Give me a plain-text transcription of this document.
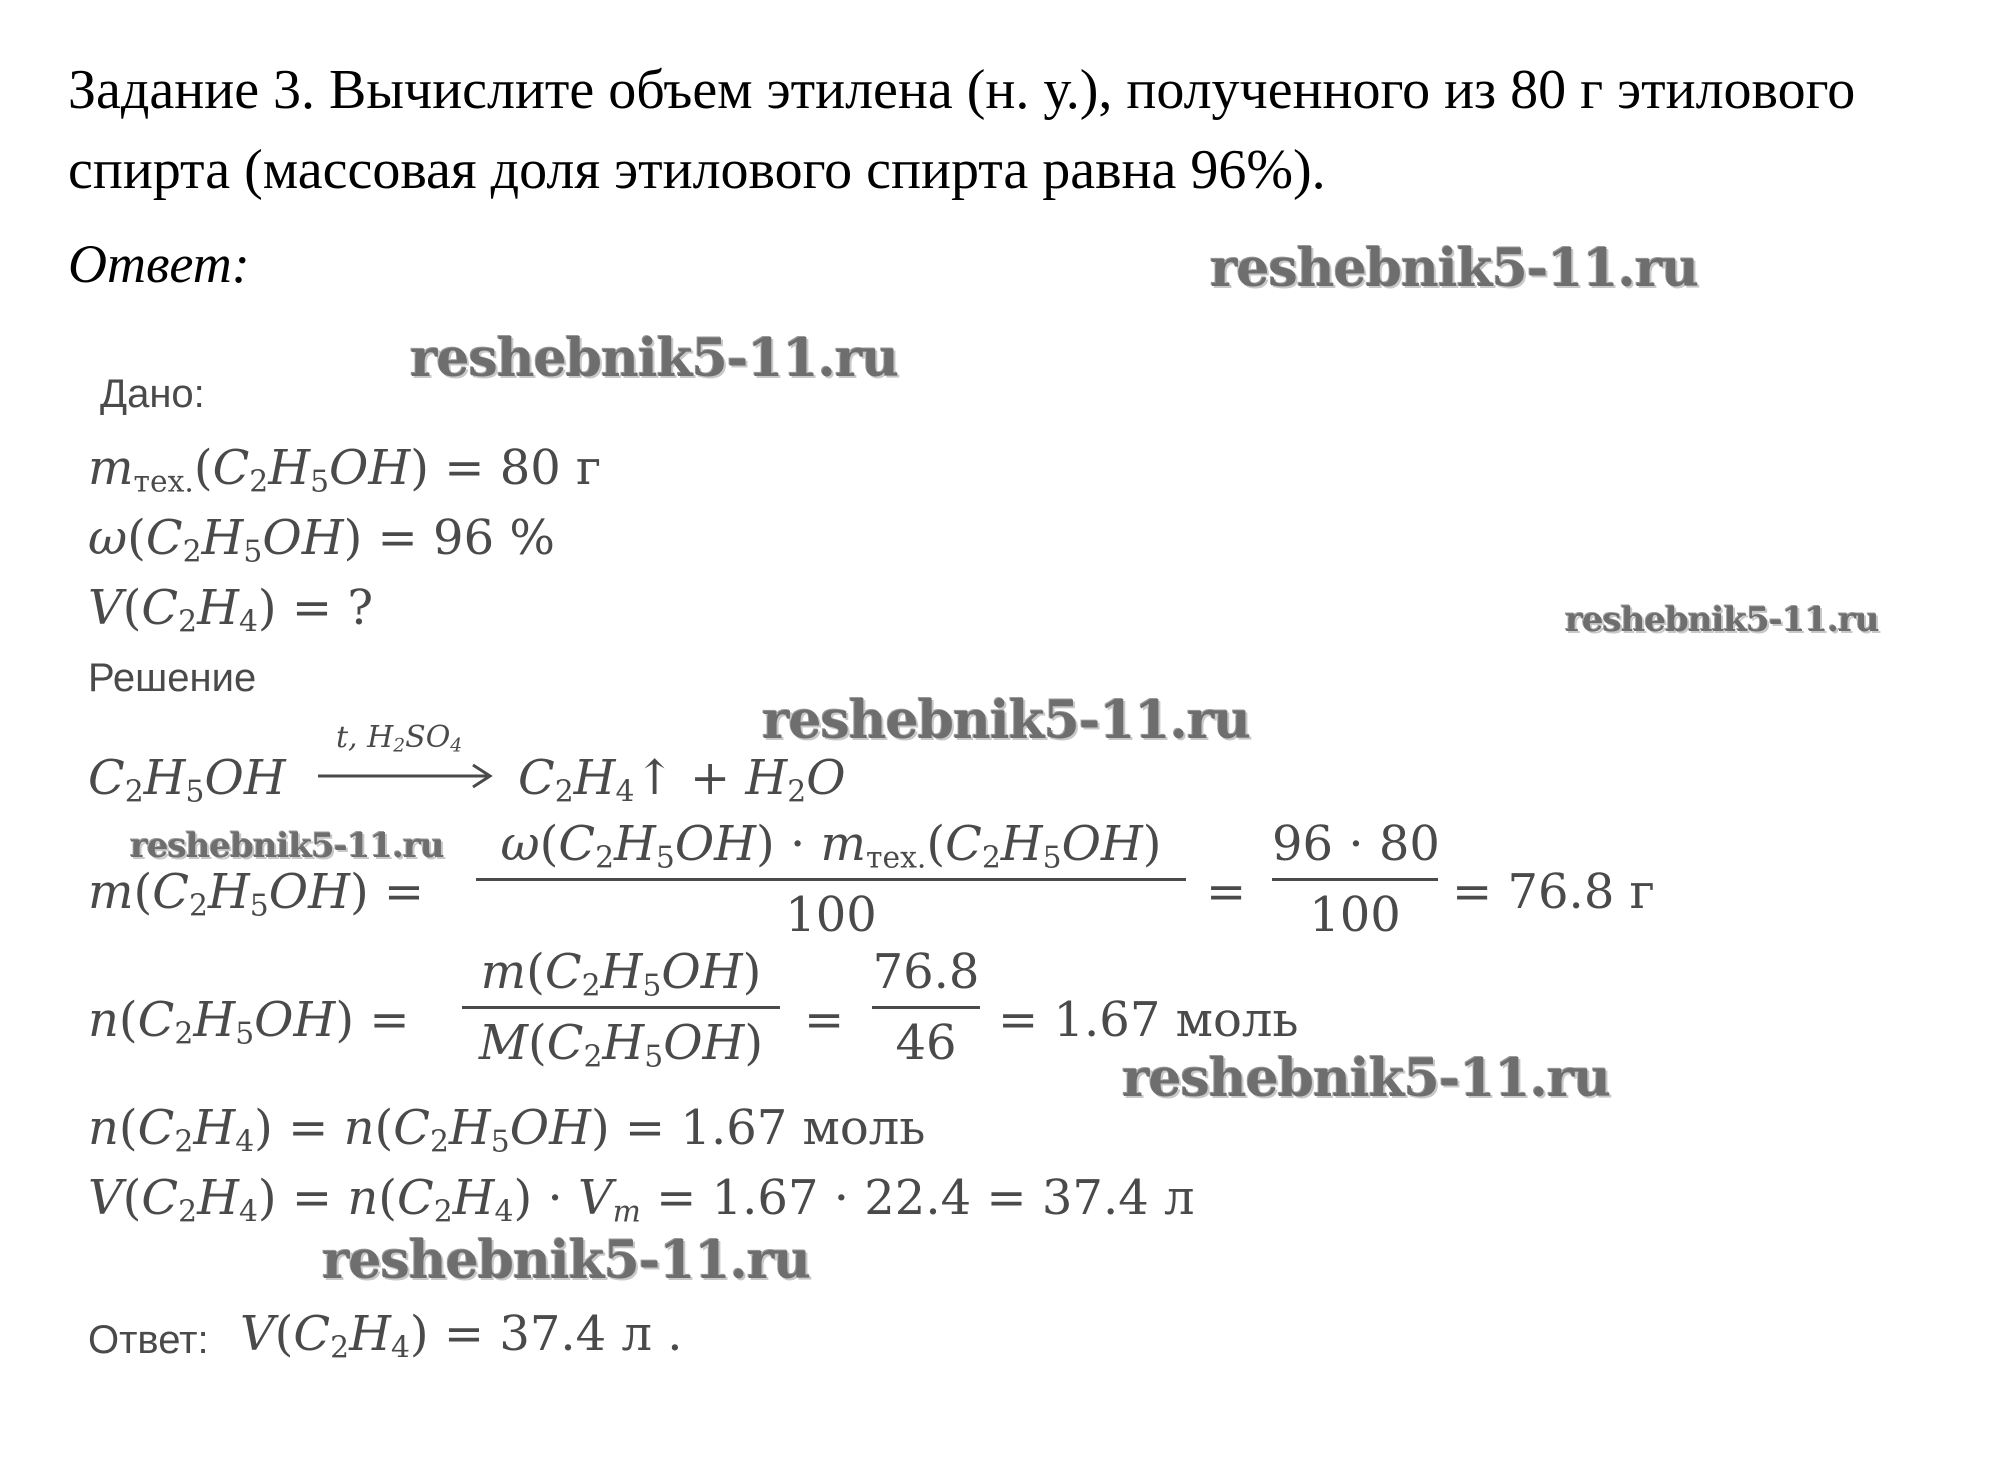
Задание 3. Вычислите объем этилена (н. у.), полученного из 80 г этилового
спирта (массовая доля этилового спирта равна 96%).
Ответ:	reshebnik5-11.ru
reshebnik5-11.ru
reshebnik5-11.ru
reshebnik5-11.ru
reshebnik5-11.ru
reshebnik5-11.ru
reshebnik5-11.ru
Дано:
$m_{тех.}(C_2H_5OH) = 80$ г
$\omega(C_2H_5OH) = 96$ %
$V(C_2H_4)$ = ?
Решение
$C_2H_5OH$
t, $H_2SO_4$
$C_2H_4↑ + H_2O$
$m(C_2H_5OH)$ =
$\omega(C_2H_5OH) \cdot m_{тех.}(C_2H_5OH)$
100	=
96 · 80
100	= 76.8 г
$n(C_2H_5OH)$ =
$m(C_2H_5OH)$
$M(C_2H_5OH)$ =
76.8
46 = 1.67 моль
$n(C_2H_4) = n(C_2H_5OH) = 1.67$ моль
$V(C_2H_4) = n(C_2H_4) \cdot V_m = 1.67 \cdot 22.4 = 37.4$ л
Ответ: $V(C_2H_4) = 37.4$ л .
